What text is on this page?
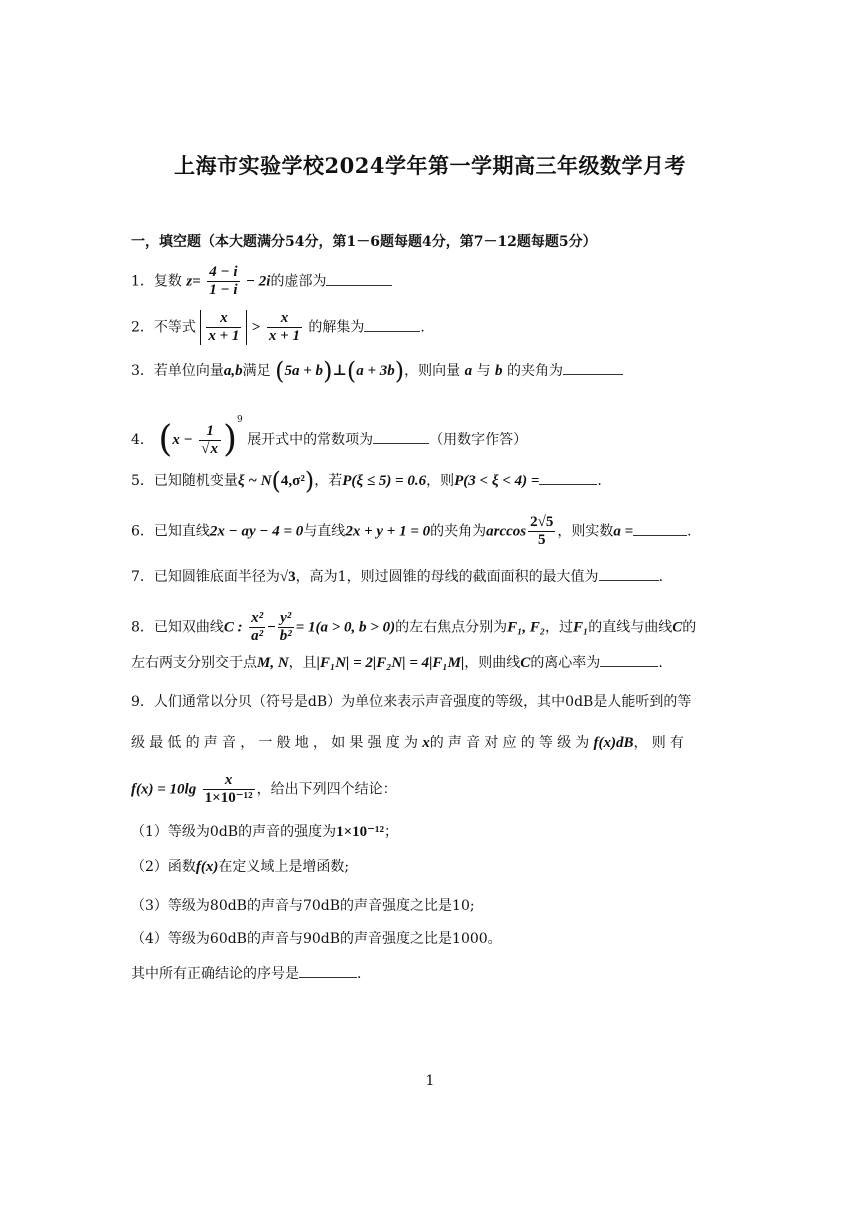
上海市实验学校2024学年第一学期高三年级数学月考
一，填空题（本大题满分54分，第1－6题每题4分，第7－12题每题5分）
1．复数 $z= \frac{4 - i}{1 - i} - 2i$的虚部为
2．不等式 $\frac{x}{x + 1} > \frac{x}{x + 1}$ 的解集为	.
3．若单位向量a,b满足 (5a + b)⊥(a + 3b)，则向量 a 与 b 的夹角为
4． $(x - \frac{1}{√x} )^9$ 展开式中的常数项为	（用数字作答）
5．已知随机变量ξ ~ N(4,σ²)，若P(ξ ≤ 5) = 0.6，则P(3 < ξ < 4) =	.
6．已知直线2x − ay − 4 = 0与直线2x + y + 1 = 0的夹角为$\arccos \frac{2√5}{5}$ ，则实数a =	.
7．已知圆锥底面半径为√3，高为1，则过圆锥的母线的截面面积的最大值为	.
8．已知双曲线C : $\frac{\text{x²}}{\text{a²}} - \frac{\text{y²}}{\text{b²}} = 1(a > 0$, b > 0)的左右焦点分别为F₁, F₂，过F₁的直线与曲线C的
左右两支分别交于点M, N，且|F₁N| = 2|F₂N| = 4|F₁M|，则曲线C的离心率为	.
9．人们通常以分贝（符号是dB）为单位来表示声音强度的等级，其中0dB是人能听到的等
级最低的声音，一般地，如果强度为x的声音对应的等级为f(x)dB，则有
$f(x) = 10\lg \frac{x}{\text{1×10⁻¹²}}$ ，给出下列四个结论：
（1）等级为0dB的声音的强度为1×10⁻¹²；
（2）函数f(x)在定义域上是增函数;
（3）等级为80dB的声音与70dB的声音强度之比是10;
（4）等级为60dB的声音与90dB的声音强度之比是1000。
其中所有正确结论的序号是	.
1
